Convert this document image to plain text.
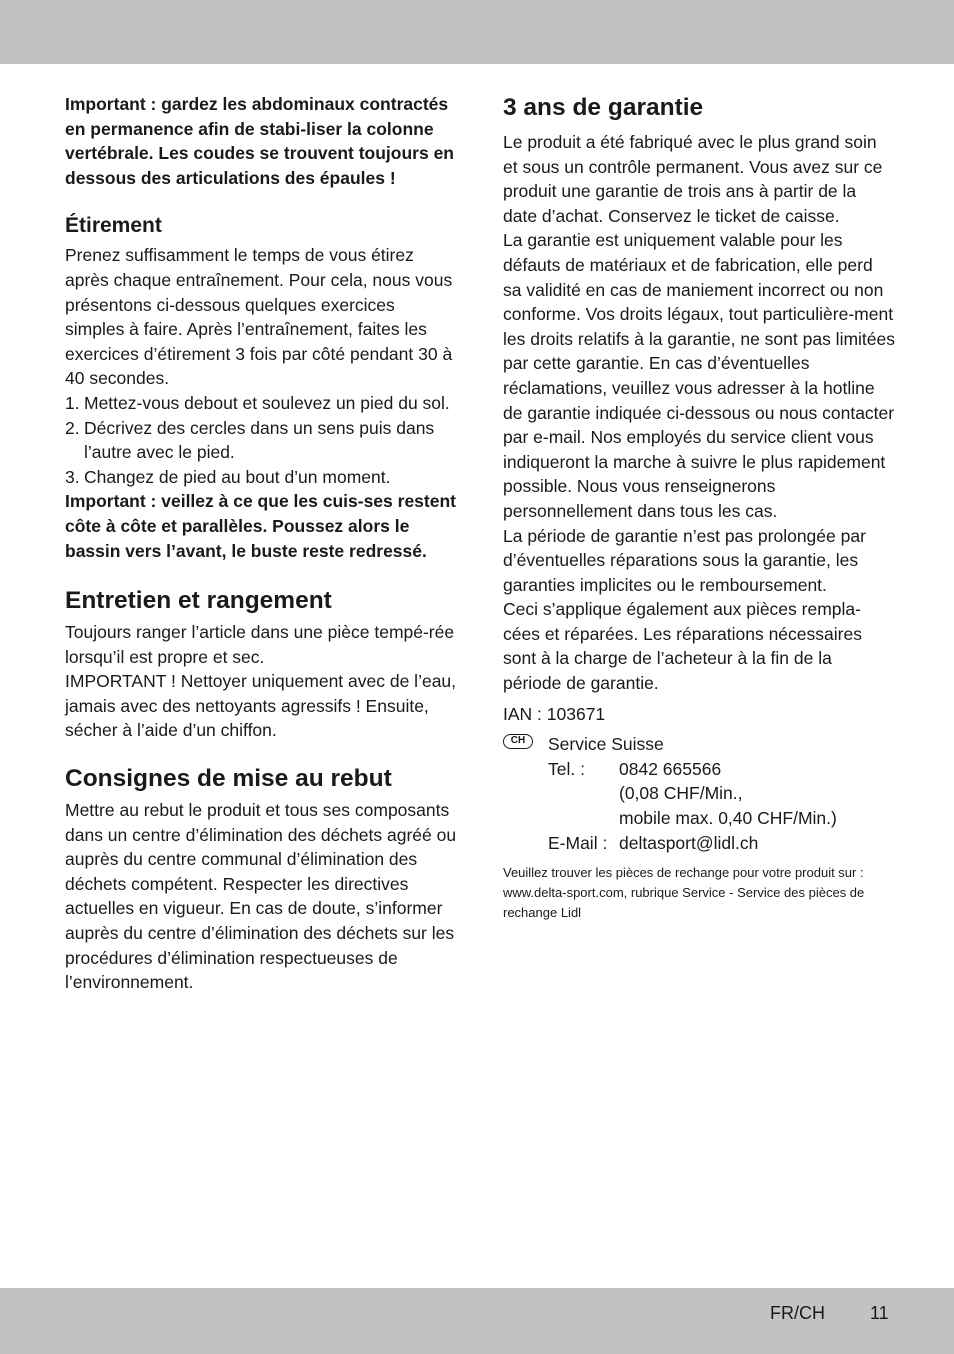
Important : gardez les abdominaux contractés en permanence afin de stabi-liser la colonne vertébrale. Les coudes se trouvent toujours en dessous des articulations des épaules !

Étirement

Prenez suffisamment le temps de vous étirez après chaque entraînement. Pour cela, nous vous présentons ci-dessous quelques exercices simples à faire. Après l’entraînement, faites les exercices d’étirement 3 fois par côté pendant 30 à 40 secondes.

1. Mettez-vous debout et soulevez un pied du sol.
2. Décrivez des cercles dans un sens puis dans l’autre avec le pied.
3. Changez de pied au bout d’un moment.

Important : veillez à ce que les cuis-ses restent côte à côte et parallèles. Poussez alors le bassin vers l’avant, le buste reste redressé.

Entretien et rangement

Toujours ranger l’article dans une pièce tempé-rée lorsqu’il est propre et sec.

IMPORTANT ! Nettoyer uniquement avec de l’eau, jamais avec des nettoyants agressifs ! Ensuite, sécher à l’aide d’un chiffon.

Consignes de mise au rebut

Mettre au rebut le produit et tous ses composants dans un centre d’élimination des déchets agréé ou auprès du centre communal d’élimination des déchets compétent. Respecter les directives actuelles en vigueur. En cas de doute, s’informer auprès du centre d’élimination des déchets sur les procédures d’élimination respectueuses de l’environnement.

3 ans de garantie

Le produit a été fabriqué avec le plus grand soin et sous un contrôle permanent. Vous avez sur ce produit une garantie de trois ans à partir de la date d’achat. Conservez le ticket de caisse.

La garantie est uniquement valable pour les défauts de matériaux et de fabrication, elle perd sa validité en cas de maniement incorrect ou non conforme. Vos droits légaux, tout particulière-ment les droits relatifs à la garantie, ne sont pas limitées par cette garantie. En cas d’éventuelles réclamations, veuillez vous adresser à la hotline de garantie indiquée ci-dessous ou nous contacter par e-mail. Nos employés du service client vous indiqueront la marche à suivre le plus rapidement possible. Nous vous renseignerons personnellement dans tous les cas.

La période de garantie n’est pas prolongée par d’éventuelles réparations sous la garantie, les garanties implicites ou le remboursement.

Ceci s’applique également aux pièces rempla-cées et réparées. Les réparations nécessaires sont à la charge de l’acheteur à la fin de la période de garantie.

IAN : 103671

CH	Service Suisse

Tel. :	0842 665566

(0,08 CHF/Min.,

mobile max. 0,40 CHF/Min.)

E-Mail : deltasport@lidl.ch

Veuillez trouver les pièces de rechange pour votre produit sur : www.delta-sport.com, rubrique Service - Service des pièces de rechange Lidl

FR/CH	11
